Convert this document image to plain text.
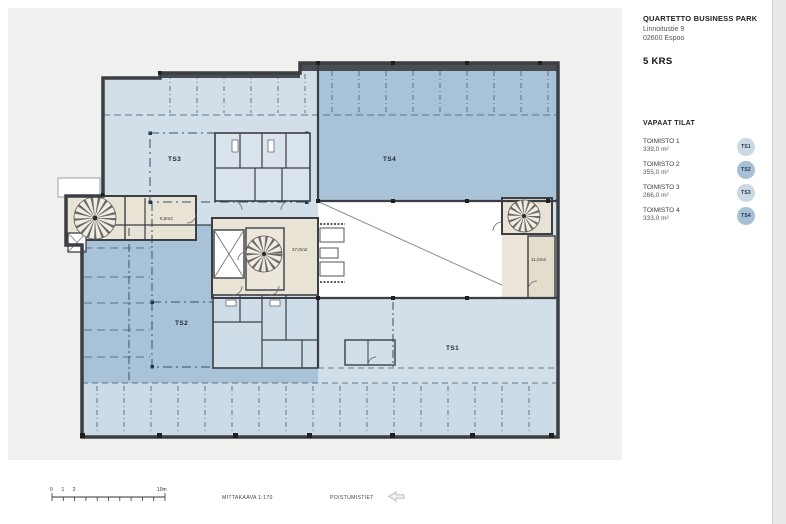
TS3	TS4
TS2
TS1
6,5m2
27,0m2
11,0m2
0 1 2	10m
MITTAKAAVA 1:170	POISTUMISTIET
QUARTETTO BUSINESS PARK
Linnoitustie 9
02600 Espoo
5 KRS
VAPAAT TILAT
TOIMISTO 1
339,0 m²	TS1
TOIMISTO 2
355,0 m²	TS2
TOIMISTO 3
266,0 m²	TS3
TOIMISTO 4
333,0 m²	TS4
